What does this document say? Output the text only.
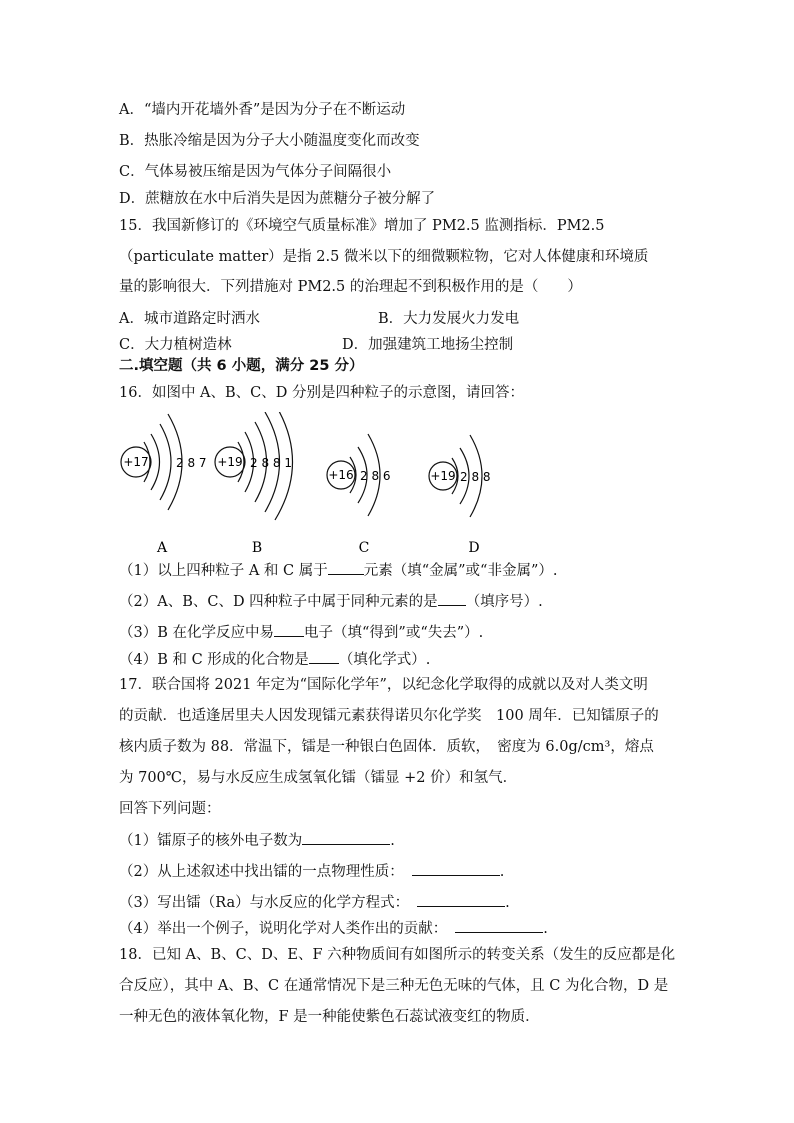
A．“墙内开花墙外香”是因为分子在不断运动
B．热胀冷缩是因为分子大小随温度变化而改变
C．气体易被压缩是因为气体分子间隔很小
D．蔗糖放在水中后消失是因为蔗糖分子被分解了
15．我国新修订的《环境空气质量标准》增加了 PM2.5 监测指标．PM2.5
（particulate matter）是指 2.5 微米以下的细微颗粒物，它对人体健康和环境质
量的影响很大．下列措施对 PM2.5 的治理起不到积极作用的是（　　）
A．城市道路定时洒水	B．大力发展火力发电
C．大力植树造林	D．加强建筑工地扬尘控制
二.填空题（共 6 小题，满分 25 分）
16．如图中 A、B、C、D 分别是四种粒子的示意图，请回答：
+17 2 8 7
A
+19 2 8 8 1
B
+16 2 8 6
C
+19 2 8 8
D
（1）以上四种粒子 A 和 C 属于 元素（填“金属”或“非金属”）.
（2）A、B、C、D 四种粒子中属于同种元素的是 （填序号）.
（3）B 在化学反应中易 电子（填“得到”或“失去”）.
（4）B 和 C 形成的化合物是 （填化学式）.
17．联合国将 2021 年定为“国际化学年”，以纪念化学取得的成就以及对人类文明
的贡献．也适逢居里夫人因发现镭元素获得诺贝尔化学奖　100 周年．已知镭原子的
核内质子数为 88．常温下，镭是一种银白色固体．质软，　密度为 6.0g/cm³，熔点
为 700℃，易与水反应生成氢氧化镭（镭显 +2 价）和氢气．
回答下列问题：
（1）镭原子的核外电子数为	.
（2）从上述叙述中找出镭的一点物理性质：	.
（3）写出镭（Ra）与水反应的化学方程式：	.
（4）举出一个例子，说明化学对人类作出的贡献：	.
18．已知 A、B、C、D、E、F 六种物质间有如图所示的转变关系（发生的反应都是化
合反应），其中 A、B、C 在通常情况下是三种无色无味的气体，且 C 为化合物，D 是
一种无色的液体氧化物，F 是一种能使紫色石蕊试液变红的物质．
